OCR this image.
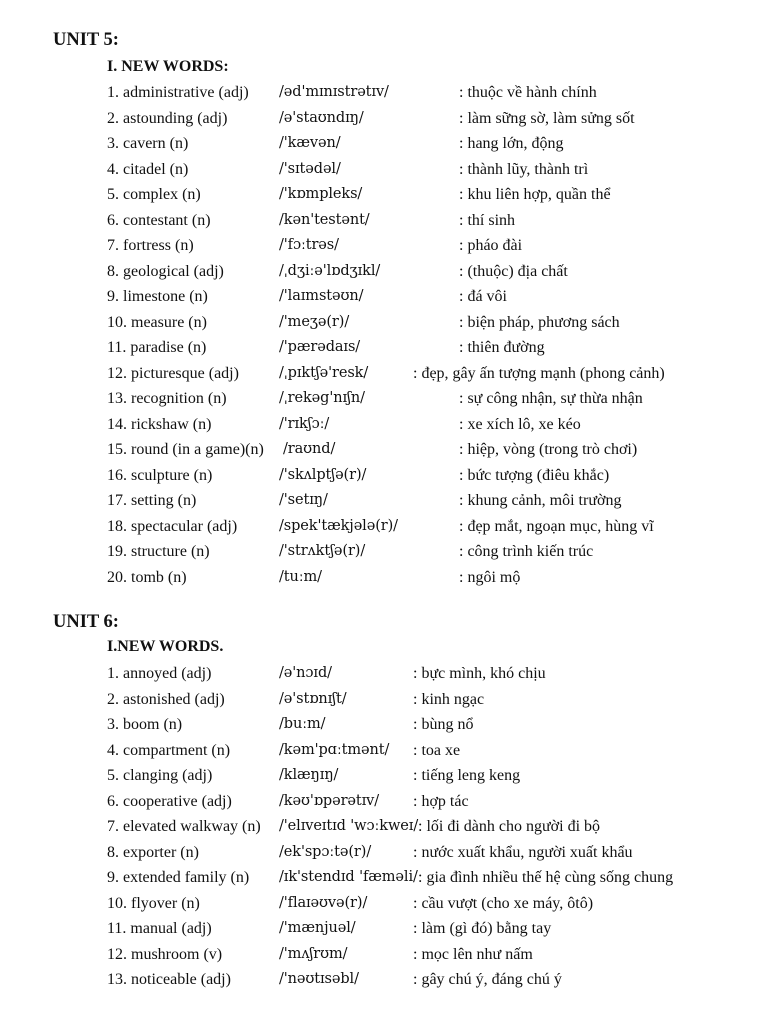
UNIT 5:
I. NEW WORDS:
1. administrative (adj) /əd'mɪnɪstrətɪv/	: thuộc về hành chính
2. astounding (adj)	/ə'staʊndɪŋ/	: làm sững sờ, làm sửng sốt
3. cavern (n)	/'kævən/	: hang lớn, động
4. citadel (n)	/'sɪtədəl/	: thành lũy, thành trì
5. complex (n)	/'kɒmpleks/	: khu liên hợp, quần thể
6. contestant (n)	/kən'testənt/	: thí sinh
7. fortress (n)	/'fɔːtrəs/	: pháo đài
8. geological (adj)	/ˌdʒiːə'lɒdʒɪkl/	: (thuộc) địa chất
9. limestone (n)	/'laɪmstəʊn/	: đá vôi
10. measure (n)	/'meʒə(r)/	: biện pháp, phương sách
11. paradise (n)	/'pærədaɪs/	: thiên đường
12. picturesque (adj)	/ˌpɪktʃə'resk/	: đẹp, gây ấn tượng mạnh (phong cảnh)
13. recognition (n)	/ˌrekəg'nɪʃn/	: sự công nhận, sự thừa nhận
14. rickshaw (n)	/'rɪkʃɔː/	: xe xích lô, xe kéo
15. round (in a game)(n) /raʊnd/	: hiệp, vòng (trong trò chơi)
16. sculpture (n)	/'skʌlptʃə(r)/	: bức tượng (điêu khắc)
17. setting (n)	/'setɪŋ/	: khung cảnh, môi trường
18. spectacular (adj)	/spek'tækjələ(r)/	: đẹp mắt, ngoạn mục, hùng vĩ
19. structure (n)	/'strʌktʃə(r)/	: công trình kiến trúc
20. tomb (n)	/tuːm/	: ngôi mộ
UNIT 6:
I.NEW WORDS.
1. annoyed (adj)	/ə'nɔɪd/	: bực mình, khó chịu
2. astonished (adj)	/ə'stɒnɪʃt/	: kinh ngạc
3. boom (n)	/buːm/	: bùng nổ
4. compartment (n)	/kəm'pɑːtmənt/ : toa xe
5. clanging (adj)	/klæŋɪŋ/	: tiếng leng keng
6. cooperative (adj)	/kəʊ'ɒpərətɪv/ : hợp tác
7. elevated walkway (n) /'elɪveɪtɪd 'wɔːkweɪ/ : lối đi dành cho người đi bộ
8. exporter (n)	/ek'spɔːtə(r)/	: nước xuất khẩu, người xuất khẩu
9. extended family (n) /ɪk'stendɪd 'fæməli/ : gia đình nhiều thế hệ cùng sống chung
10. flyover (n)	/'flaɪəʊvə(r)/	: cầu vượt (cho xe máy, ôtô)
11. manual (adj)	/'mænjuəl/	: làm (gì đó) bằng tay
12. mushroom (v)	/'mʌʃrʊm/	: mọc lên như nấm
13. noticeable (adj)	/'nəʊtɪsəbl/	: gây chú ý, đáng chú ý
